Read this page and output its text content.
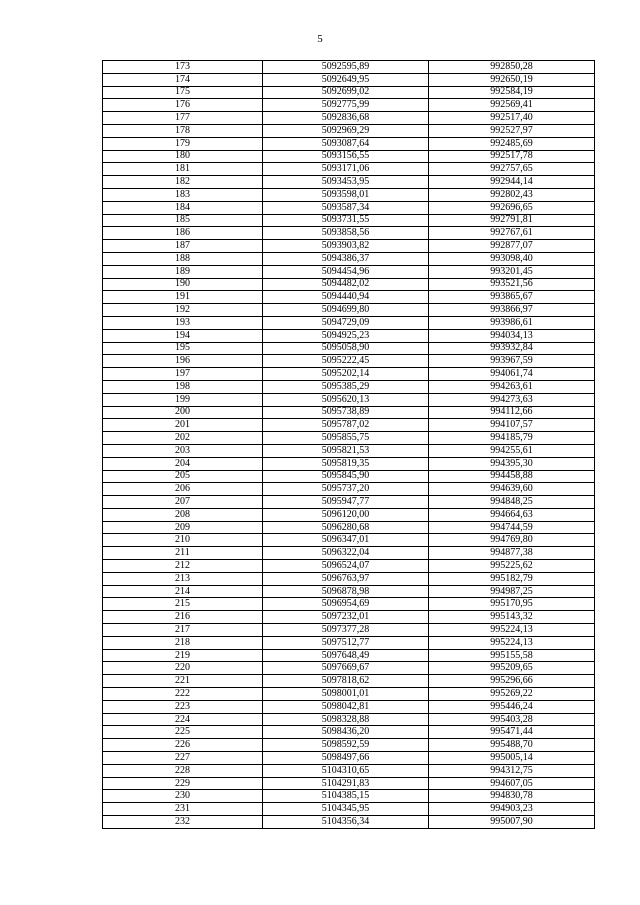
5
173	5092595,89	992850,28
174	5092649,95	992650,19
175	5092699,02	992584,19
176	5092775,99	992569,41
177	5092836,68	992517,40
178	5092969,29	992527,97
179	5093087,64	992485,69
180	5093156,55	992517,78
181	5093171,06	992757,65
182	5093453,95	992944,14
183	5093598,01	992802,43
184	5093587,34	992696,65
185	5093731,55	992791,81
186	5093858,56	992767,61
187	5093903,82	992877,07
188	5094386,37	993098,40
189	5094454,96	993201,45
190	5094482,02	993521,56
191	5094440,94	993865,67
192	5094699,80	993866,97
193	5094729,09	993986,61
194	5094925,23	994034,13
195	5095058,90	993932,84
196	5095222,45	993967,59
197	5095202,14	994061,74
198	5095385,29	994263,61
199	5095620,13	994273,63
200	5095738,89	994112,66
201	5095787,02	994107,57
202	5095855,75	994185,79
203	5095821,53	994255,61
204	5095819,35	994395,30
205	5095845,90	994458,88
206	5095737,20	994639,60
207	5095947,77	994848,25
208	5096120,00	994664,63
209	5096280,68	994744,59
210	5096347,01	994769,80
211	5096322,04	994877,38
212	5096524,07	995225,62
213	5096763,97	995182,79
214	5096878,98	994987,25
215	5096954,69	995170,95
216	5097232,01	995143,32
217	5097377,28	995224,13
218	5097512,77	995224,13
219	5097648,49	995155,58
220	5097669,67	995209,65
221	5097818,62	995296,66
222	5098001,01	995269,22
223	5098042,81	995446,24
224	5098328,88	995403,28
225	5098436,20	995471,44
226	5098592,59	995488,70
227	5098497,66	995005,14
228	5104310,65	994312,75
229	5104291,83	994607,05
230	5104385,15	994830,78
231	5104345,95	994903,23
232	5104356,34	995007,90
